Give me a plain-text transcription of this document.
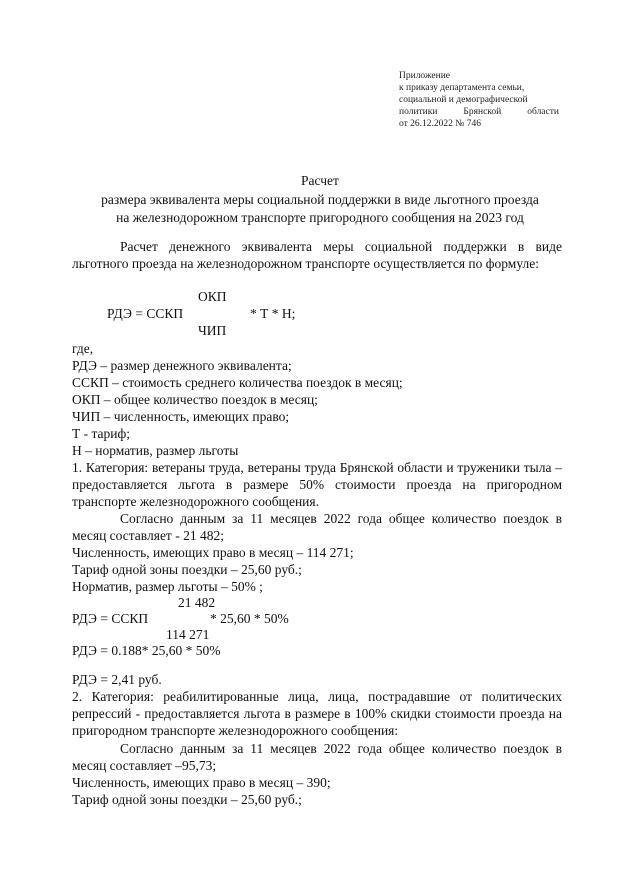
Приложение
к приказу департамента семьи,
социальной и демографической
политики	Брянской	области
от 26.12.2022 № 746
Расчет
размера эквивалента меры социальной поддержки в виде льготного проезда
на железнодорожном транспорте пригородного сообщения на 2023 год
Расчет денежного эквивалента меры социальной поддержки в виде льготного проезда на железнодорожном транспорте осуществляется по формуле:
ОКП
РДЭ = ССКП	* Т * Н;
ЧИП
где,
РДЭ – размер денежного эквивалента;
ССКП – стоимость среднего количества поездок в месяц;
ОКП – общее количество поездок в месяц;
ЧИП – численность, имеющих право;
Т - тариф;
Н – норматив, размер льготы
1. Категория: ветераны труда, ветераны труда Брянской области и труженики тыла – предоставляется льгота в размере 50% стоимости проезда на пригородном транспорте железнодорожного сообщения.
Согласно данным за 11 месяцев 2022 года общее количество поездок в месяц составляет - 21 482;
Численность, имеющих право в месяц – 114 271;
Тариф одной зоны поездки – 25,60 руб.;
Норматив, размер льготы – 50% ;
21 482
РДЭ = ССКП	* 25,60 * 50%
114 271
РДЭ = 0.188* 25,60 * 50%
РДЭ = 2,41 руб.
2. Категория: реабилитированные лица, лица, пострадавшие от политических репрессий - предоставляется льгота в размере в 100% скидки стоимости проезда на пригородном транспорте железнодорожного сообщения:
Согласно данным за 11 месяцев 2022 года общее количество поездок в месяц составляет –95,73;
Численность, имеющих право в месяц – 390;
Тариф одной зоны поездки – 25,60 руб.;
